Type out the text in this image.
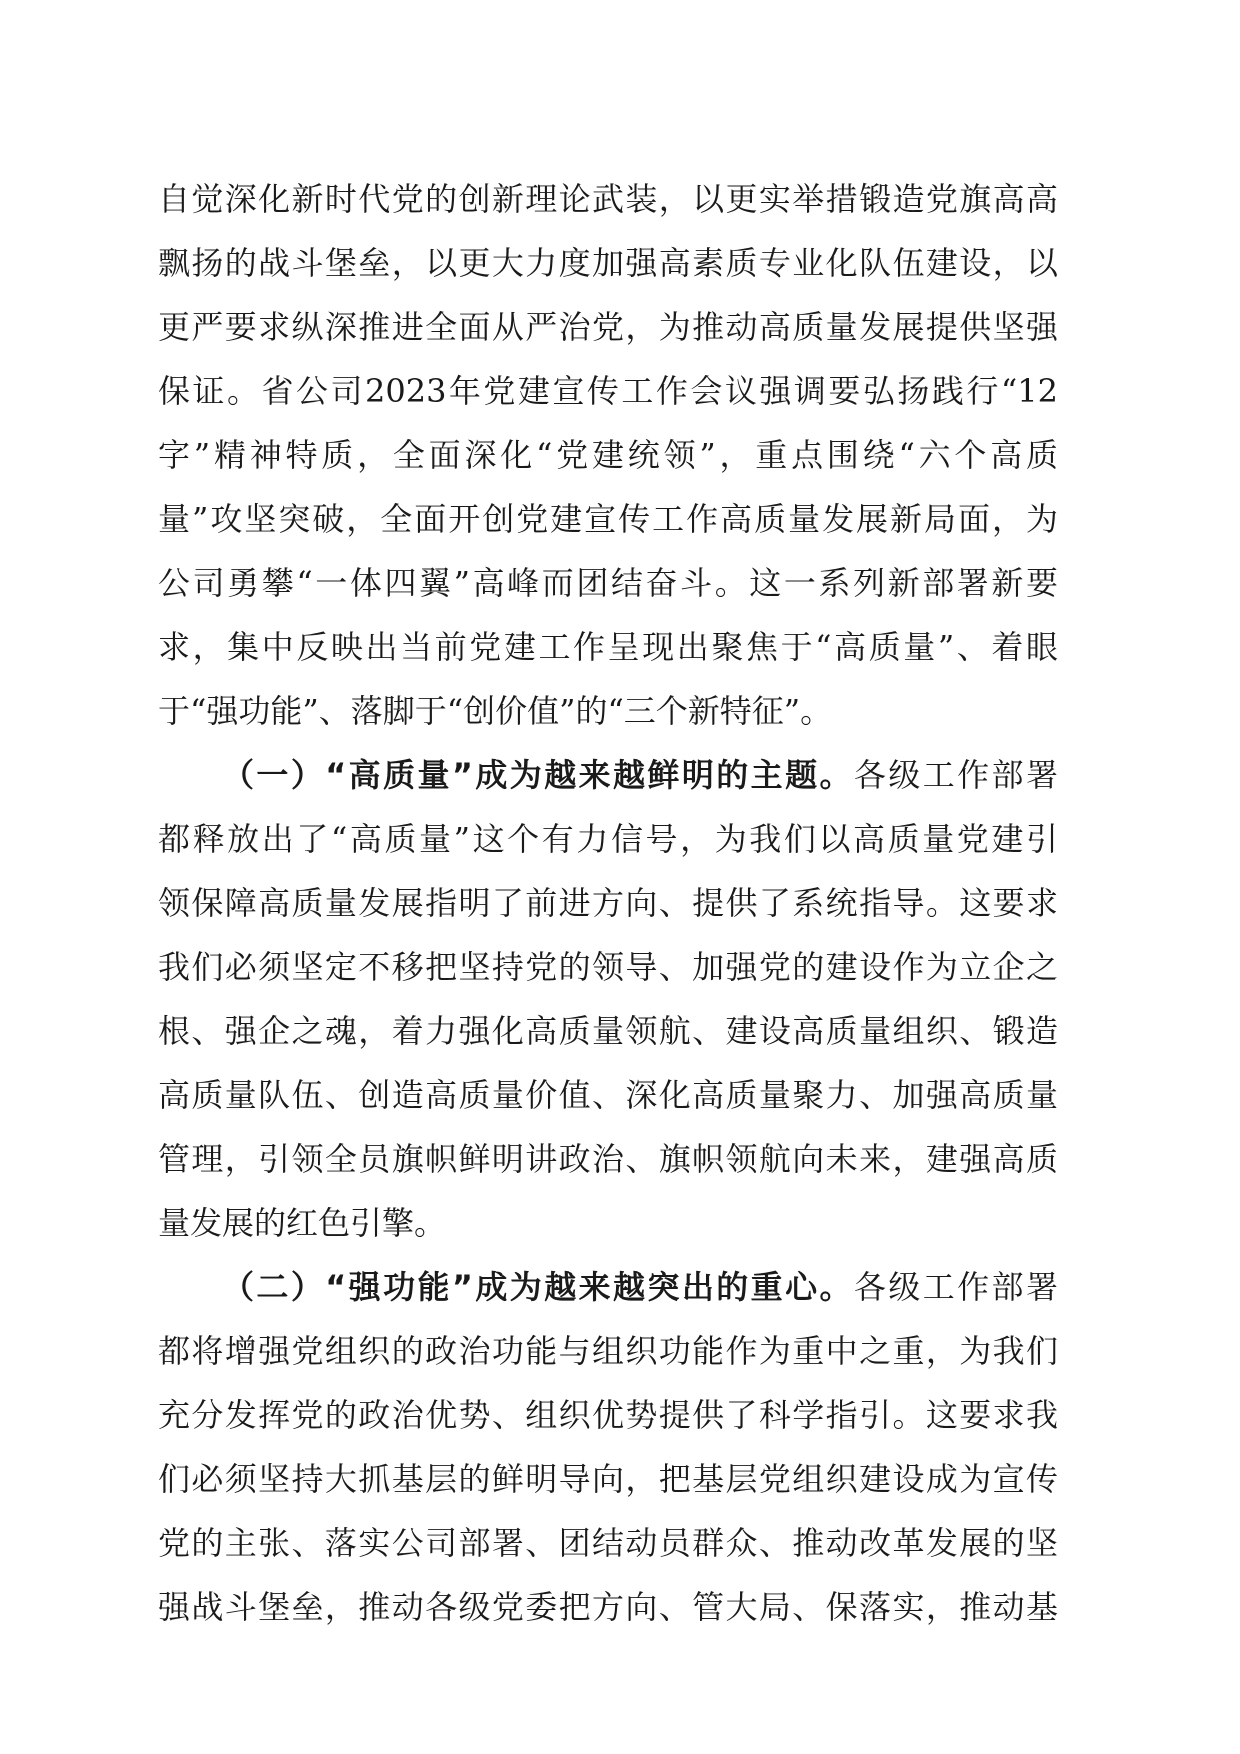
自觉深化新时代党的创新理论武装，以更实举措锻造党旗高高
飘扬的战斗堡垒，以更大力度加强高素质专业化队伍建设，以
更严要求纵深推进全面从严治党，为推动高质量发展提供坚强
保证。省公司2023年党建宣传工作会议强调要弘扬践行“12
字”精神特质，全面深化“党建统领”，重点围绕“六个高质
量”攻坚突破，全面开创党建宣传工作高质量发展新局面，为
公司勇攀“一体四翼”高峰而团结奋斗。这一系列新部署新要
求，集中反映出当前党建工作呈现出聚焦于“高质量”、着眼
于“强功能”、落脚于“创价值”的“三个新特征”。
（一）“高质量”成为越来越鲜明的主题。各级工作部署
都释放出了“高质量”这个有力信号，为我们以高质量党建引
领保障高质量发展指明了前进方向、提供了系统指导。这要求
我们必须坚定不移把坚持党的领导、加强党的建设作为立企之
根、强企之魂，着力强化高质量领航、建设高质量组织、锻造
高质量队伍、创造高质量价值、深化高质量聚力、加强高质量
管理，引领全员旗帜鲜明讲政治、旗帜领航向未来，建强高质
量发展的红色引擎。
（二）“强功能”成为越来越突出的重心。各级工作部署
都将增强党组织的政治功能与组织功能作为重中之重，为我们
充分发挥党的政治优势、组织优势提供了科学指引。这要求我
们必须坚持大抓基层的鲜明导向，把基层党组织建设成为宣传
党的主张、落实公司部署、团结动员群众、推动改革发展的坚
强战斗堡垒，推动各级党委把方向、管大局、保落实，推动基
